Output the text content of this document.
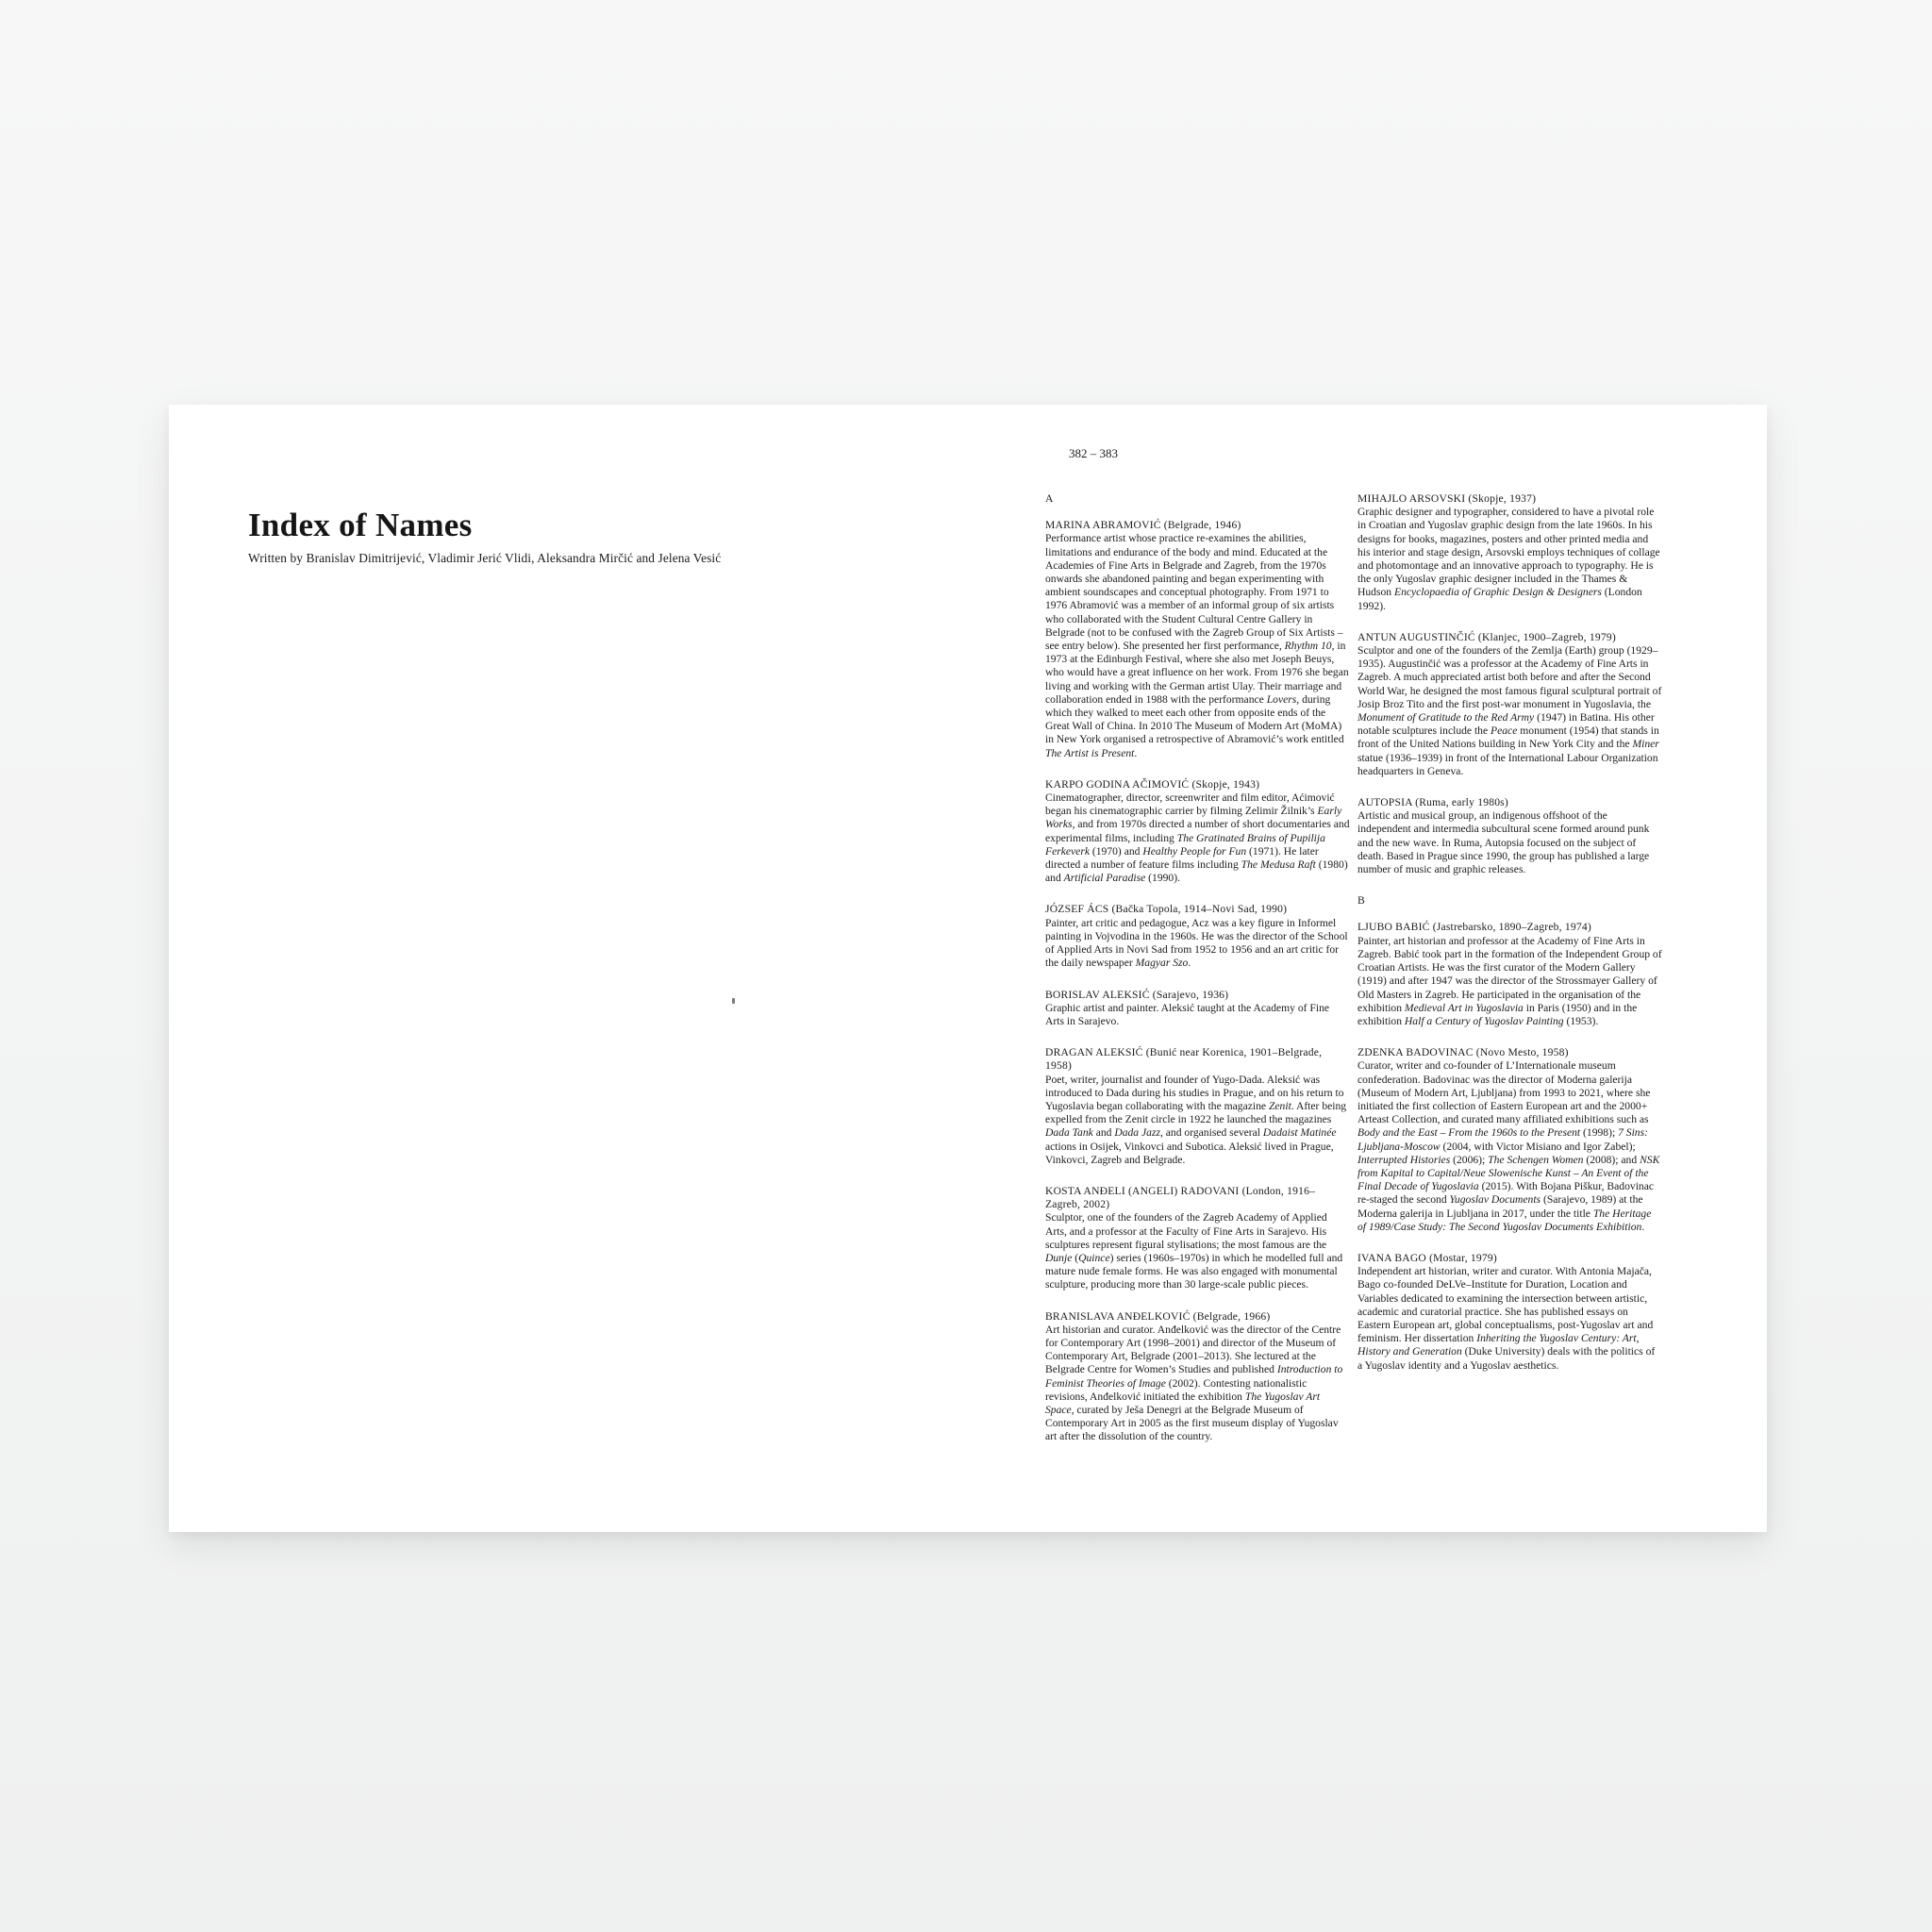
Index of Names
Written by Branislav Dimitrijević, Vladimir Jerić Vlidi, Aleksandra Mirčić and Jelena Vesić
382 – 383
A
MARINA ABRAMOVIĆ (Belgrade, 1946)
Performance artist whose practice re-examines the abilities, limitations and endurance of the body and mind. Educated at the Academies of Fine Arts in Belgrade and Zagreb, from the 1970s onwards she abandoned painting and began experimenting with ambient soundscapes and conceptual photography. From 1971 to 1976 Abramović was a member of an informal group of six artists who collaborated with the Student Cultural Centre Gallery in Belgrade (not to be confused with the Zagreb Group of Six Artists – see entry below). She presented her first performance, Rhythm 10, in 1973 at the Edinburgh Festival, where she also met Joseph Beuys, who would have a great influence on her work. From 1976 she began living and working with the German artist Ulay. Their marriage and collaboration ended in 1988 with the performance Lovers, during which they walked to meet each other from opposite ends of the Great Wall of China. In 2010 The Museum of Modern Art (MoMA) in New York organised a retrospective of Abramović’s work entitled The Artist is Present.
KARPO GODINA AČIMOVIĆ (Skopje, 1943)
Cinematographer, director, screenwriter and film editor, Aćimović began his cinematographic carrier by filming Zelimir Žilnik’s Early Works, and from 1970s directed a number of short documentaries and experimental films, including The Gratinated Brains of Pupilija Ferkeverk (1970) and Healthy People for Fun (1971). He later directed a number of feature films including The Medusa Raft (1980) and Artificial Paradise (1990).
JÓZSEF ÁCS (Bačka Topola, 1914–Novi Sad, 1990)
Painter, art critic and pedagogue, Acz was a key figure in Informel painting in Vojvodina in the 1960s. He was the director of the School of Applied Arts in Novi Sad from 1952 to 1956 and an art critic for the daily newspaper Magyar Szo.
BORISLAV ALEKSIĆ (Sarajevo, 1936)
Graphic artist and painter. Aleksić taught at the Academy of Fine Arts in Sarajevo.
DRAGAN ALEKSIĆ (Bunić near Korenica, 1901–Belgrade, 1958)
Poet, writer, journalist and founder of Yugo-Dada. Aleksić was introduced to Dada during his studies in Prague, and on his return to Yugoslavia began collaborating with the magazine Zenit. After being expelled from the Zenit circle in 1922 he launched the magazines Dada Tank and Dada Jazz, and organised several Dadaist Matinée actions in Osijek, Vinkovci and Subotica. Aleksić lived in Prague, Vinkovci, Zagreb and Belgrade.
KOSTA ANĐELI (ANGELI) RADOVANI (London, 1916–Zagreb, 2002)
Sculptor, one of the founders of the Zagreb Academy of Applied Arts, and a professor at the Faculty of Fine Arts in Sarajevo. His sculptures represent figural stylisations; the most famous are the Dunje (Quince) series (1960s–1970s) in which he modelled full and mature nude female forms. He was also engaged with monumental sculpture, producing more than 30 large-scale public pieces.
BRANISLAVA ANĐELKOVIĆ (Belgrade, 1966)
Art historian and curator. Anđelković was the director of the Centre for Contemporary Art (1998–2001) and director of the Museum of Contemporary Art, Belgrade (2001–2013). She lectured at the Belgrade Centre for Women’s Studies and published Introduction to Feminist Theories of Image (2002). Contesting nationalistic revisions, Anđelković initiated the exhibition The Yugoslav Art Space, curated by Ješa Denegri at the Belgrade Museum of Contemporary Art in 2005 as the first museum display of Yugoslav art after the dissolution of the country.
MIHAJLO ARSOVSKI (Skopje, 1937)
Graphic designer and typographer, considered to have a pivotal role in Croatian and Yugoslav graphic design from the late 1960s. In his designs for books, magazines, posters and other printed media and his interior and stage design, Arsovski employs techniques of collage and photomontage and an innovative approach to typography. He is the only Yugoslav graphic designer included in the Thames & Hudson Encyclopaedia of Graphic Design & Designers (London 1992).
ANTUN AUGUSTINČIĆ (Klanjec, 1900–Zagreb, 1979)
Sculptor and one of the founders of the Zemlja (Earth) group (1929–1935). Augustinčić was a professor at the Academy of Fine Arts in Zagreb. A much appreciated artist both before and after the Second World War, he designed the most famous figural sculptural portrait of Josip Broz Tito and the first post-war monument in Yugoslavia, the Monument of Gratitude to the Red Army (1947) in Batina. His other notable sculptures include the Peace monument (1954) that stands in front of the United Nations building in New York City and the Miner statue (1936–1939) in front of the International Labour Organization headquarters in Geneva.
AUTOPSIA (Ruma, early 1980s)
Artistic and musical group, an indigenous offshoot of the independent and intermedia subcultural scene formed around punk and the new wave. In Ruma, Autopsia focused on the subject of death. Based in Prague since 1990, the group has published a large number of music and graphic releases.
B
LJUBO BABIĆ (Jastrebarsko, 1890–Zagreb, 1974)
Painter, art historian and professor at the Academy of Fine Arts in Zagreb. Babić took part in the formation of the Independent Group of Croatian Artists. He was the first curator of the Modern Gallery (1919) and after 1947 was the director of the Strossmayer Gallery of Old Masters in Zagreb. He participated in the organisation of the exhibition Medieval Art in Yugoslavia in Paris (1950) and in the exhibition Half a Century of Yugoslav Painting (1953).
ZDENKA BADOVINAC (Novo Mesto, 1958)
Curator, writer and co-founder of L’Internationale museum confederation. Badovinac was the director of Moderna galerija (Museum of Modern Art, Ljubljana) from 1993 to 2021, where she initiated the first collection of Eastern European art and the 2000+ Arteast Collection, and curated many affiliated exhibitions such as Body and the East – From the 1960s to the Present (1998); 7 Sins: Ljubljana-Moscow (2004, with Victor Misiano and Igor Zabel); Interrupted Histories (2006); The Schengen Women (2008); and NSK from Kapital to Capital/Neue Slowenische Kunst – An Event of the Final Decade of Yugoslavia (2015). With Bojana Piškur, Badovinac re-staged the second Yugoslav Documents (Sarajevo, 1989) at the Moderna galerija in Ljubljana in 2017, under the title The Heritage of 1989/Case Study: The Second Yugoslav Documents Exhibition.
IVANA BAGO (Mostar, 1979)
Independent art historian, writer and curator. With Antonia Majača, Bago co-founded DeLVe–Institute for Duration, Location and Variables dedicated to examining the intersection between artistic, academic and curatorial practice. She has published essays on Eastern European art, global conceptualisms, post-Yugoslav art and feminism. Her dissertation Inheriting the Yugoslav Century: Art, History and Generation (Duke University) deals with the politics of a Yugoslav identity and a Yugoslav aesthetics.
